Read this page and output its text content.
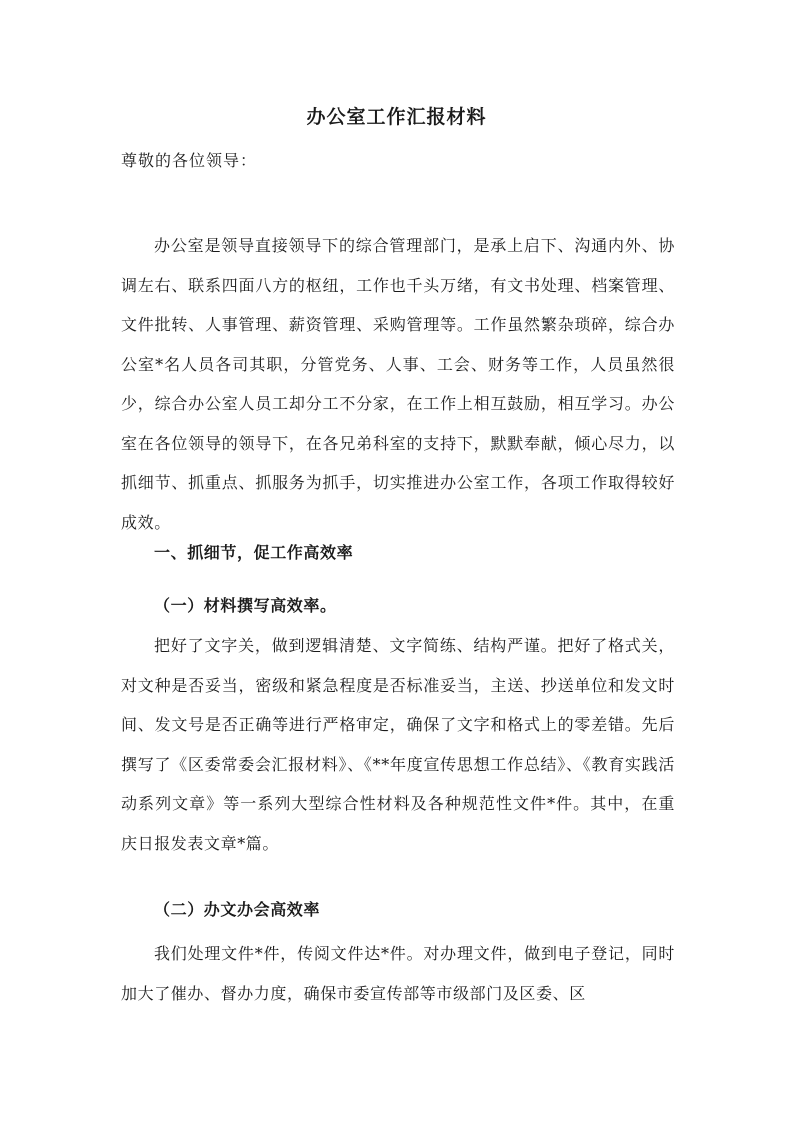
办公室工作汇报材料
尊敬的各位领导：

办公室是领导直接领导下的综合管理部门，是承上启下、沟通内外、协调左右、联系四面八方的枢纽，工作也千头万绪，有文书处理、档案管理、文件批转、人事管理、薪资管理、采购管理等。工作虽然繁杂琐碎，综合办公室*名人员各司其职，分管党务、人事、工会、财务等工作，人员虽然很少，综合办公室人员工却分工不分家，在工作上相互鼓励，相互学习。办公室在各位领导的领导下，在各兄弟科室的支持下，默默奉献，倾心尽力，以抓细节、抓重点、抓服务为抓手，切实推进办公室工作，各项工作取得较好成效。

一、抓细节，促工作高效率
（一）材料撰写高效率。

把好了文字关，做到逻辑清楚、文字简练、结构严谨。把好了格式关，对文种是否妥当，密级和紧急程度是否标准妥当，主送、抄送单位和发文时间、发文号是否正确等进行严格审定，确保了文字和格式上的零差错。先后撰写了《区委常委会汇报材料》、《**年度宣传思想工作总结》、《教育实践活动系列文章》等一系列大型综合性材料及各种规范性文件*件。其中，在重庆日报发表文章*篇。

（二）办文办会高效率

我们处理文件*件，传阅文件达*件。对办理文件，做到电子登记，同时加大了催办、督办力度，确保市委宣传部等市级部门及区委、区
